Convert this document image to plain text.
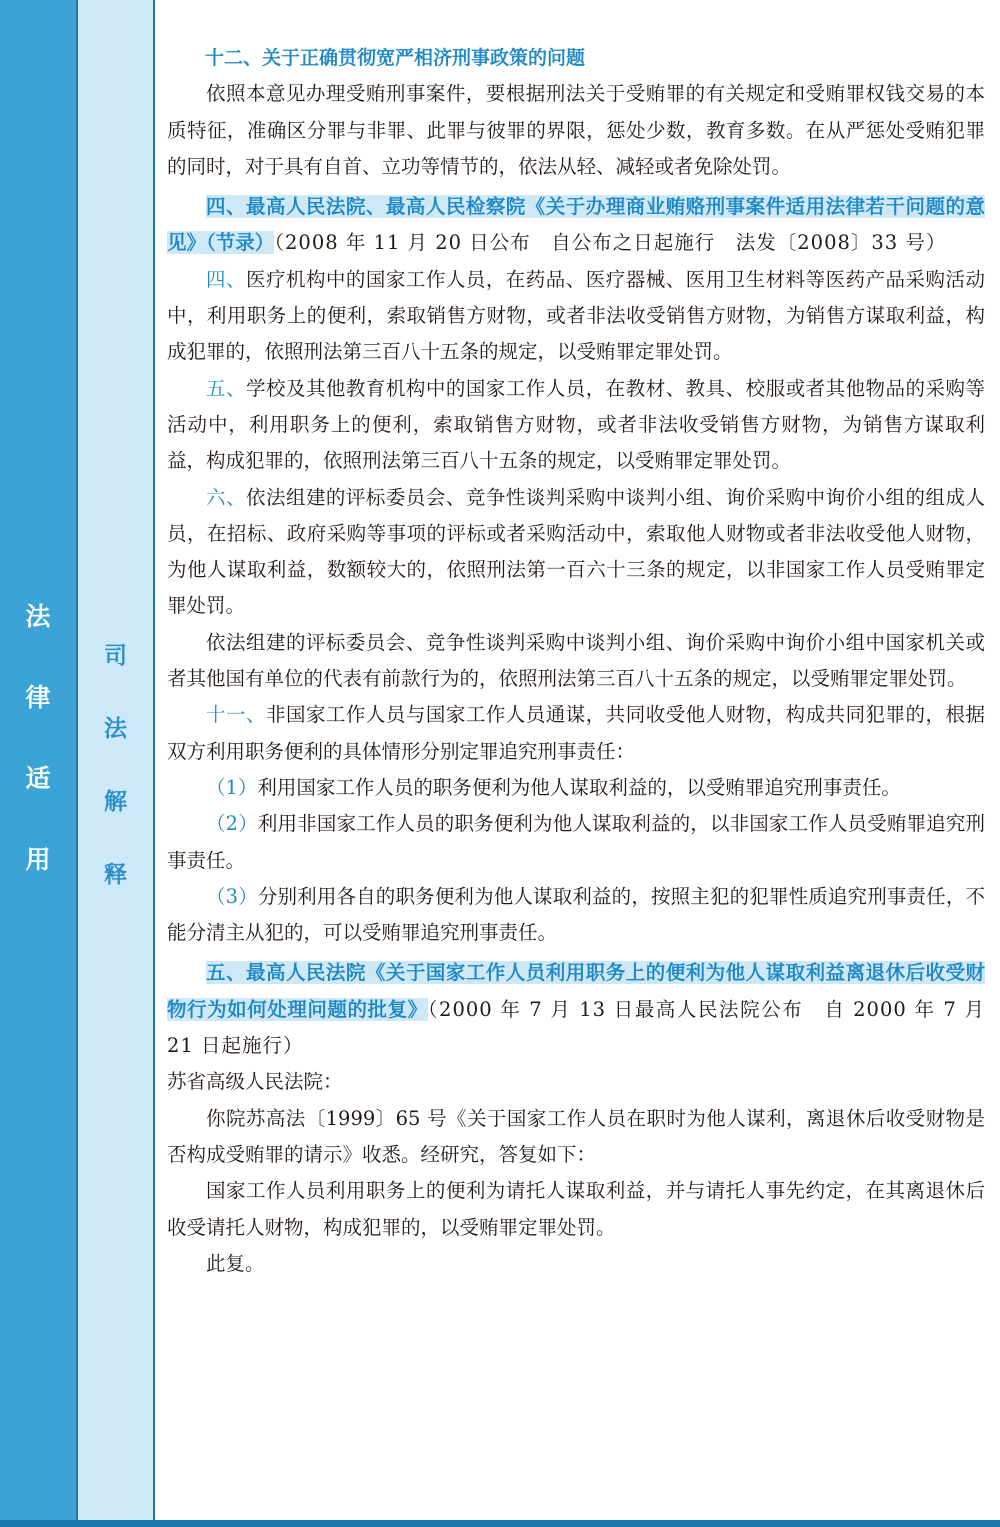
法
律
适
用
司
法
解
释

十二、关于正确贯彻宽严相济刑事政策的问题

依照本意见办理受贿刑事案件，要根据刑法关于受贿罪的有关规定和受贿罪权钱交易的本质特征，准确区分罪与非罪、此罪与彼罪的界限，惩处少数，教育多数。在从严惩处受贿犯罪的同时，对于具有自首、立功等情节的，依法从轻、减轻或者免除处罚。

四、最高人民法院、最高人民检察院《关于办理商业贿赂刑事案件适用法律若干问题的意见》（节录）（2008 年 11 月 20 日公布　自公布之日起施行　法发〔2008〕33 号）

四、医疗机构中的国家工作人员，在药品、医疗器械、医用卫生材料等医药产品采购活动中，利用职务上的便利，索取销售方财物，或者非法收受销售方财物，为销售方谋取利益，构成犯罪的，依照刑法第三百八十五条的规定，以受贿罪定罪处罚。

五、学校及其他教育机构中的国家工作人员，在教材、教具、校服或者其他物品的采购等活动中，利用职务上的便利，索取销售方财物，或者非法收受销售方财物，为销售方谋取利益，构成犯罪的，依照刑法第三百八十五条的规定，以受贿罪定罪处罚。

六、依法组建的评标委员会、竞争性谈判采购中谈判小组、询价采购中询价小组的组成人员，在招标、政府采购等事项的评标或者采购活动中，索取他人财物或者非法收受他人财物，为他人谋取利益，数额较大的，依照刑法第一百六十三条的规定，以非国家工作人员受贿罪定罪处罚。

依法组建的评标委员会、竞争性谈判采购中谈判小组、询价采购中询价小组中国家机关或者其他国有单位的代表有前款行为的，依照刑法第三百八十五条的规定，以受贿罪定罪处罚。

十一、非国家工作人员与国家工作人员通谋，共同收受他人财物，构成共同犯罪的，根据双方利用职务便利的具体情形分别定罪追究刑事责任：

（1）利用国家工作人员的职务便利为他人谋取利益的，以受贿罪追究刑事责任。

（2）利用非国家工作人员的职务便利为他人谋取利益的，以非国家工作人员受贿罪追究刑事责任。

（3）分别利用各自的职务便利为他人谋取利益的，按照主犯的犯罪性质追究刑事责任，不能分清主从犯的，可以受贿罪追究刑事责任。

五、最高人民法院《关于国家工作人员利用职务上的便利为他人谋取利益离退休后收受财物行为如何处理问题的批复》（2000 年 7 月 13 日最高人民法院公布　自 2000 年 7 月 21 日起施行）

苏省高级人民法院：

你院苏高法〔1999〕65 号《关于国家工作人员在职时为他人谋利，离退休后收受财物是否构成受贿罪的请示》收悉。经研究，答复如下：

国家工作人员利用职务上的便利为请托人谋取利益，并与请托人事先约定，在其离退休后收受请托人财物，构成犯罪的，以受贿罪定罪处罚。

此复。
